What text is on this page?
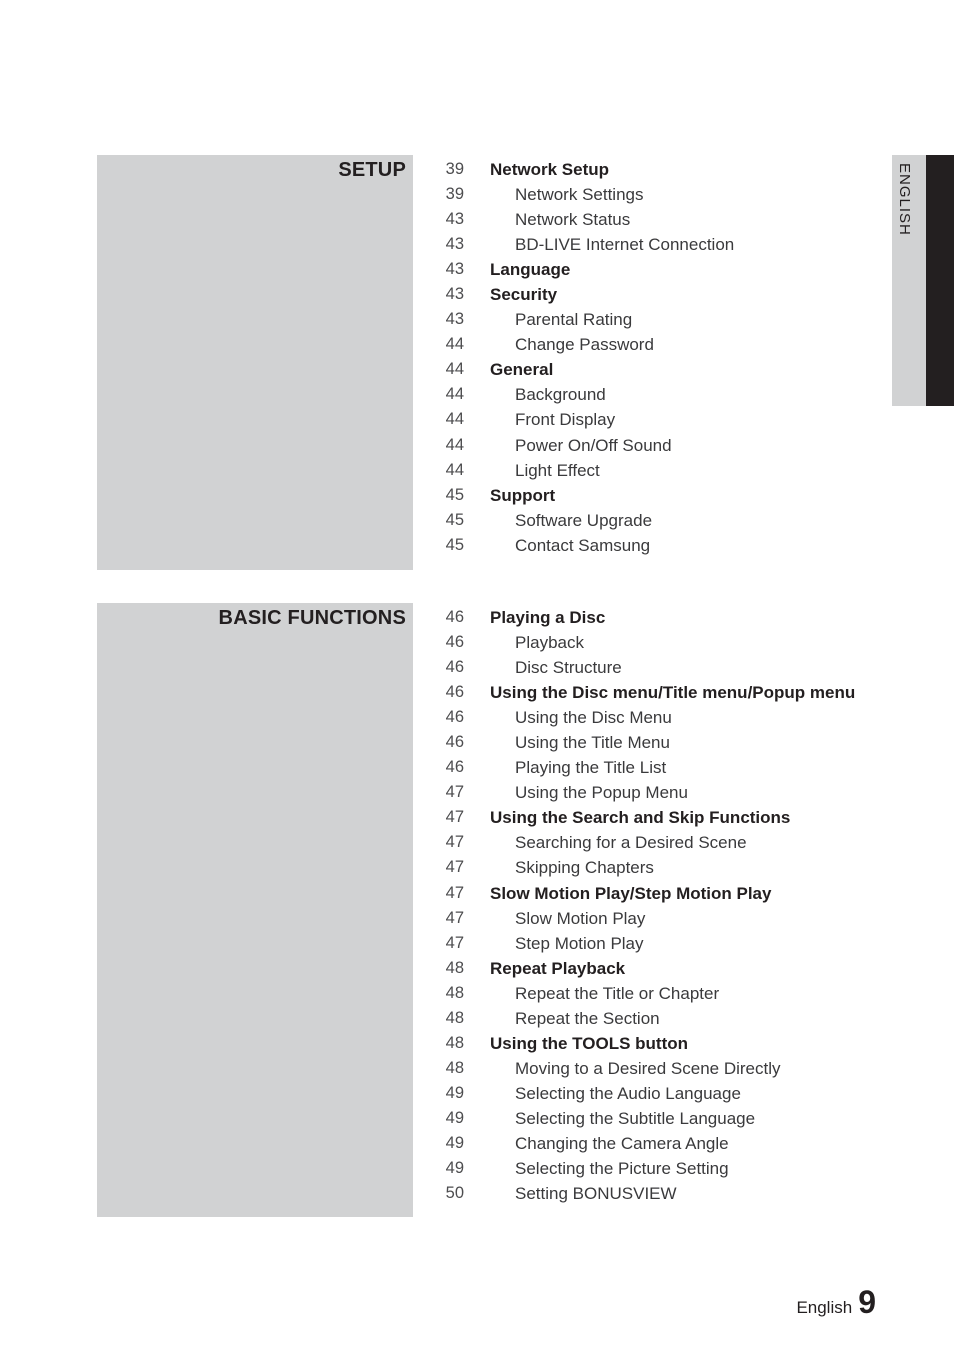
ENGLISH
SETUP	39 Network Setup
39	Network Settings
43	Network Status
43	BD-LIVE Internet Connection
43 Language
43 Security
43	Parental Rating
44	Change Password
44 General
44	Background
44	Front Display
44	Power On/Off Sound
44	Light Effect
45 Support
45	Software Upgrade
45	Contact Samsung
BASIC FUNCTIONS	46 Playing a Disc
46	Playback
46	Disc Structure
46 Using the Disc menu/Title menu/Popup menu
46	Using the Disc Menu
46	Using the Title Menu
46	Playing the Title List
47	Using the Popup Menu
47 Using the Search and Skip Functions
47	Searching for a Desired Scene
47	Skipping Chapters
47 Slow Motion Play/Step Motion Play
47	Slow Motion Play
47	Step Motion Play
48 Repeat Playback
48	Repeat the Title or Chapter
48	Repeat the Section
48 Using the TOOLS button
48	Moving to a Desired Scene Directly
49	Selecting the Audio Language
49	Selecting the Subtitle Language
49	Changing the Camera Angle
49	Selecting the Picture Setting
50	Setting BONUSVIEW
English 9
